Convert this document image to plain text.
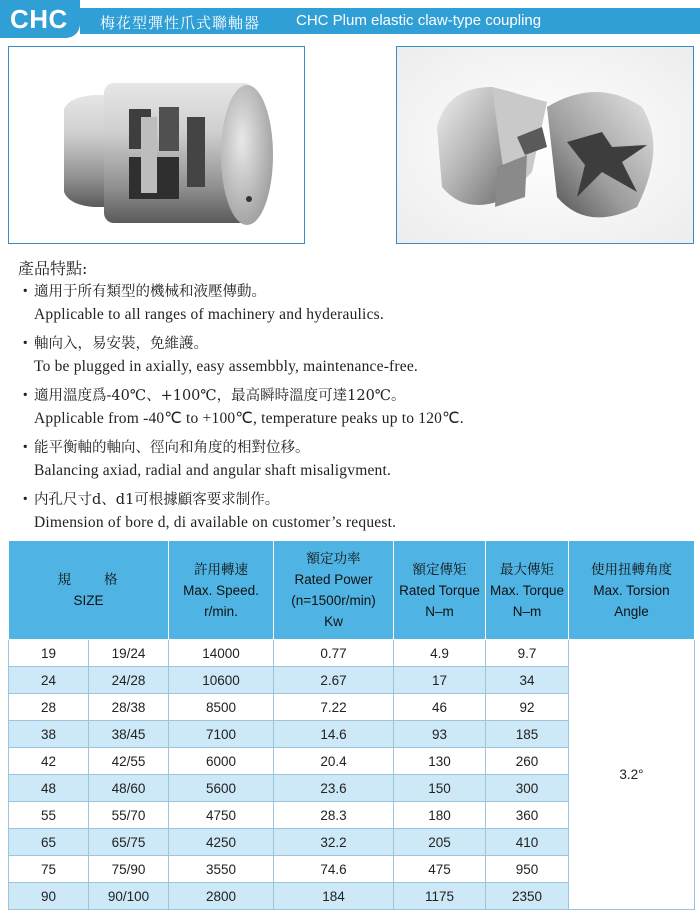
CHC 梅花型彈性爪式聯軸器 CHC Plum elastic claw-type coupling
產品特點:
・ 適用于所有類型的機械和液壓傳動。
Applicable to all ranges of machinery and hyderaulics.
・ 軸向入，易安裝，免維護。
To be plugged in axially, easy assembbly, maintenance-free.
・ 適用溫度爲-40℃、+100℃，最高瞬時溫度可達120℃。
Applicable from -40℃ to +100℃, temperature peaks up to 120℃.
・ 能平衡軸的軸向、徑向和角度的相對位移。
Balancing axiad, radial and angular shaft misaligvment.
・ 内孔尺寸d、d1可根據顧客要求制作。
Dimension of bore d, di available on customer’s request.
規　　格
SIZE		許用轉速
Max. Speed.
r/min.	額定功率
Rated Power
(n=1500r/min)
Kw	額定傳矩
Rated Torque
N–m	最大傳矩
Max. Torque
N–m	使用扭轉角度
Max. Torsion
Angle
19	19/24	14000	0.77	4.9	9.7	3.2°
24	24/28	10600	2.67	17	34	
28	28/38	8500	7.22	46	92	
38	38/45	7100	14.6	93	185	
42	42/55	6000	20.4	130	260	
48	48/60	5600	23.6	150	300	
55	55/70	4750	28.3	180	360	
65	65/75	4250	32.2	205	410	
75	75/90	3550	74.6	475	950	
90	90/100	2800	184	1175	2350	
